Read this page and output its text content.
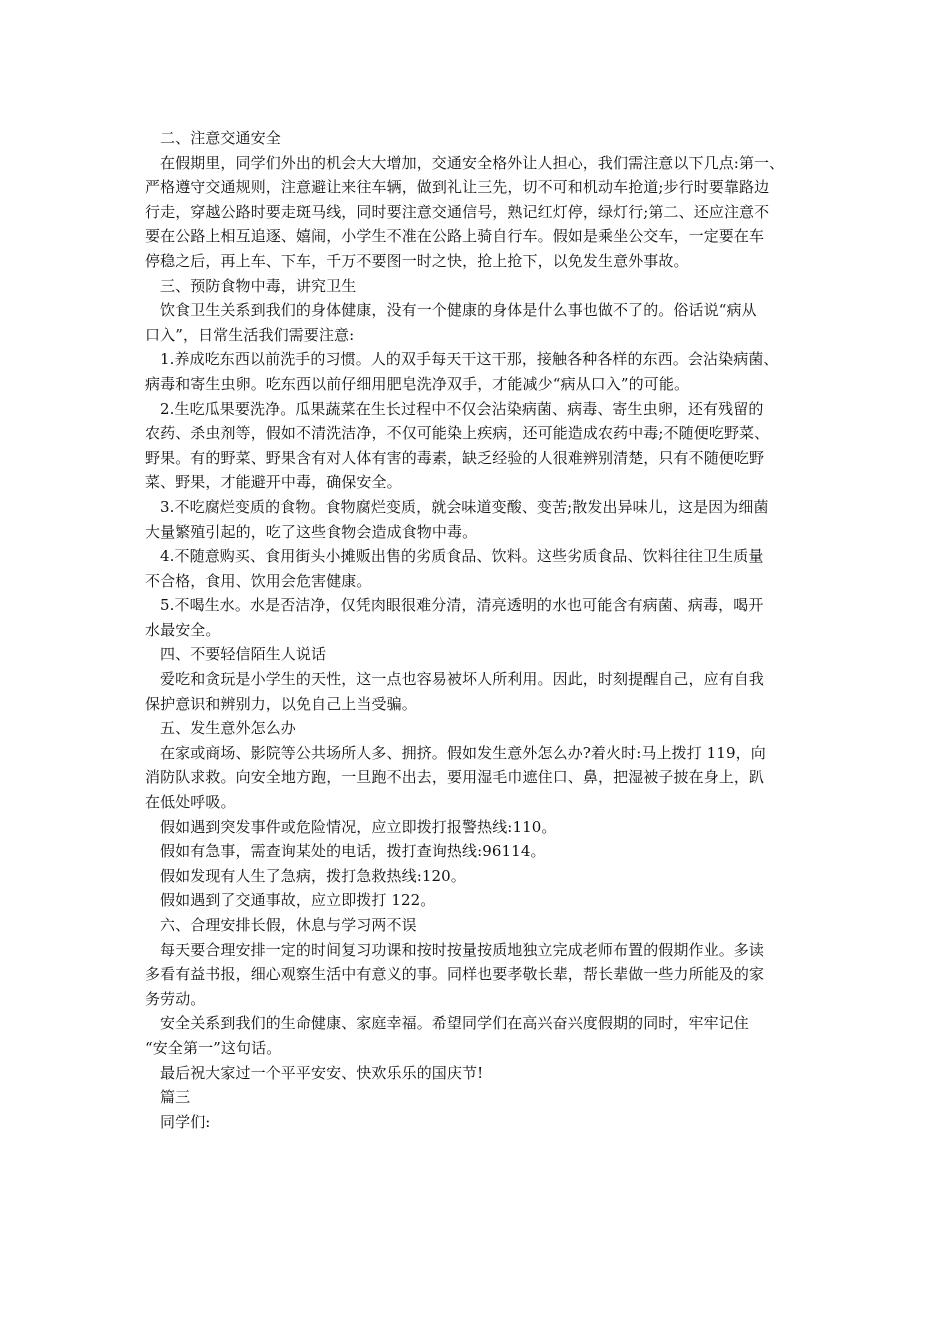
二、注意交通安全
在假期里，同学们外出的机会大大增加，交通安全格外让人担心，我们需注意以下几点:第一、
严格遵守交通规则，注意避让来往车辆，做到礼让三先，切不可和机动车抢道;步行时要靠路边
行走，穿越公路时要走斑马线，同时要注意交通信号，熟记红灯停，绿灯行;第二、还应注意不
要在公路上相互追逐、嬉闹，小学生不准在公路上骑自行车。假如是乘坐公交车，一定要在车
停稳之后，再上车、下车，千万不要图一时之快，抢上抢下，以免发生意外事故。
三、预防食物中毒，讲究卫生
饮食卫生关系到我们的身体健康，没有一个健康的身体是什么事也做不了的。俗话说“病从
口入”，日常生活我们需要注意:
1.养成吃东西以前洗手的习惯。人的双手每天干这干那，接触各种各样的东西。会沾染病菌、
病毒和寄生虫卵。吃东西以前仔细用肥皂洗净双手，才能减少“病从口入”的可能。
2.生吃瓜果要洗净。瓜果蔬菜在生长过程中不仅会沾染病菌、病毒、寄生虫卵，还有残留的
农药、杀虫剂等，假如不清洗洁净，不仅可能染上疾病，还可能造成农药中毒;不随便吃野菜、
野果。有的野菜、野果含有对人体有害的毒素，缺乏经验的人很难辨别清楚，只有不随便吃野
菜、野果，才能避开中毒，确保安全。
3.不吃腐烂变质的食物。食物腐烂变质，就会味道变酸、变苦;散发出异味儿，这是因为细菌
大量繁殖引起的，吃了这些食物会造成食物中毒。
4.不随意购买、食用街头小摊贩出售的劣质食品、饮料。这些劣质食品、饮料往往卫生质量
不合格，食用、饮用会危害健康。
5.不喝生水。水是否洁净，仅凭肉眼很难分清，清亮透明的水也可能含有病菌、病毒，喝开
水最安全。
四、不要轻信陌生人说话
爱吃和贪玩是小学生的天性，这一点也容易被坏人所利用。因此，时刻提醒自己，应有自我
保护意识和辨别力，以免自己上当受骗。
五、发生意外怎么办
在家或商场、影院等公共场所人多、拥挤。假如发生意外怎么办?着火时:马上拨打 119，向
消防队求救。向安全地方跑，一旦跑不出去，要用湿毛巾遮住口、鼻，把湿被子披在身上，趴
在低处呼吸。
假如遇到突发事件或危险情况，应立即拨打报警热线:110。
假如有急事，需查询某处的电话，拨打查询热线:96114。
假如发现有人生了急病，拨打急救热线:120。
假如遇到了交通事故，应立即拨打 122。
六、合理安排长假，休息与学习两不误
每天要合理安排一定的时间复习功课和按时按量按质地独立完成老师布置的假期作业。多读
多看有益书报，细心观察生活中有意义的事。同样也要孝敬长辈，帮长辈做一些力所能及的家
务劳动。
安全关系到我们的生命健康、家庭幸福。希望同学们在高兴奋兴度假期的同时，牢牢记住
“安全第一”这句话。
最后祝大家过一个平平安安、快欢乐乐的国庆节!
篇三
同学们:
